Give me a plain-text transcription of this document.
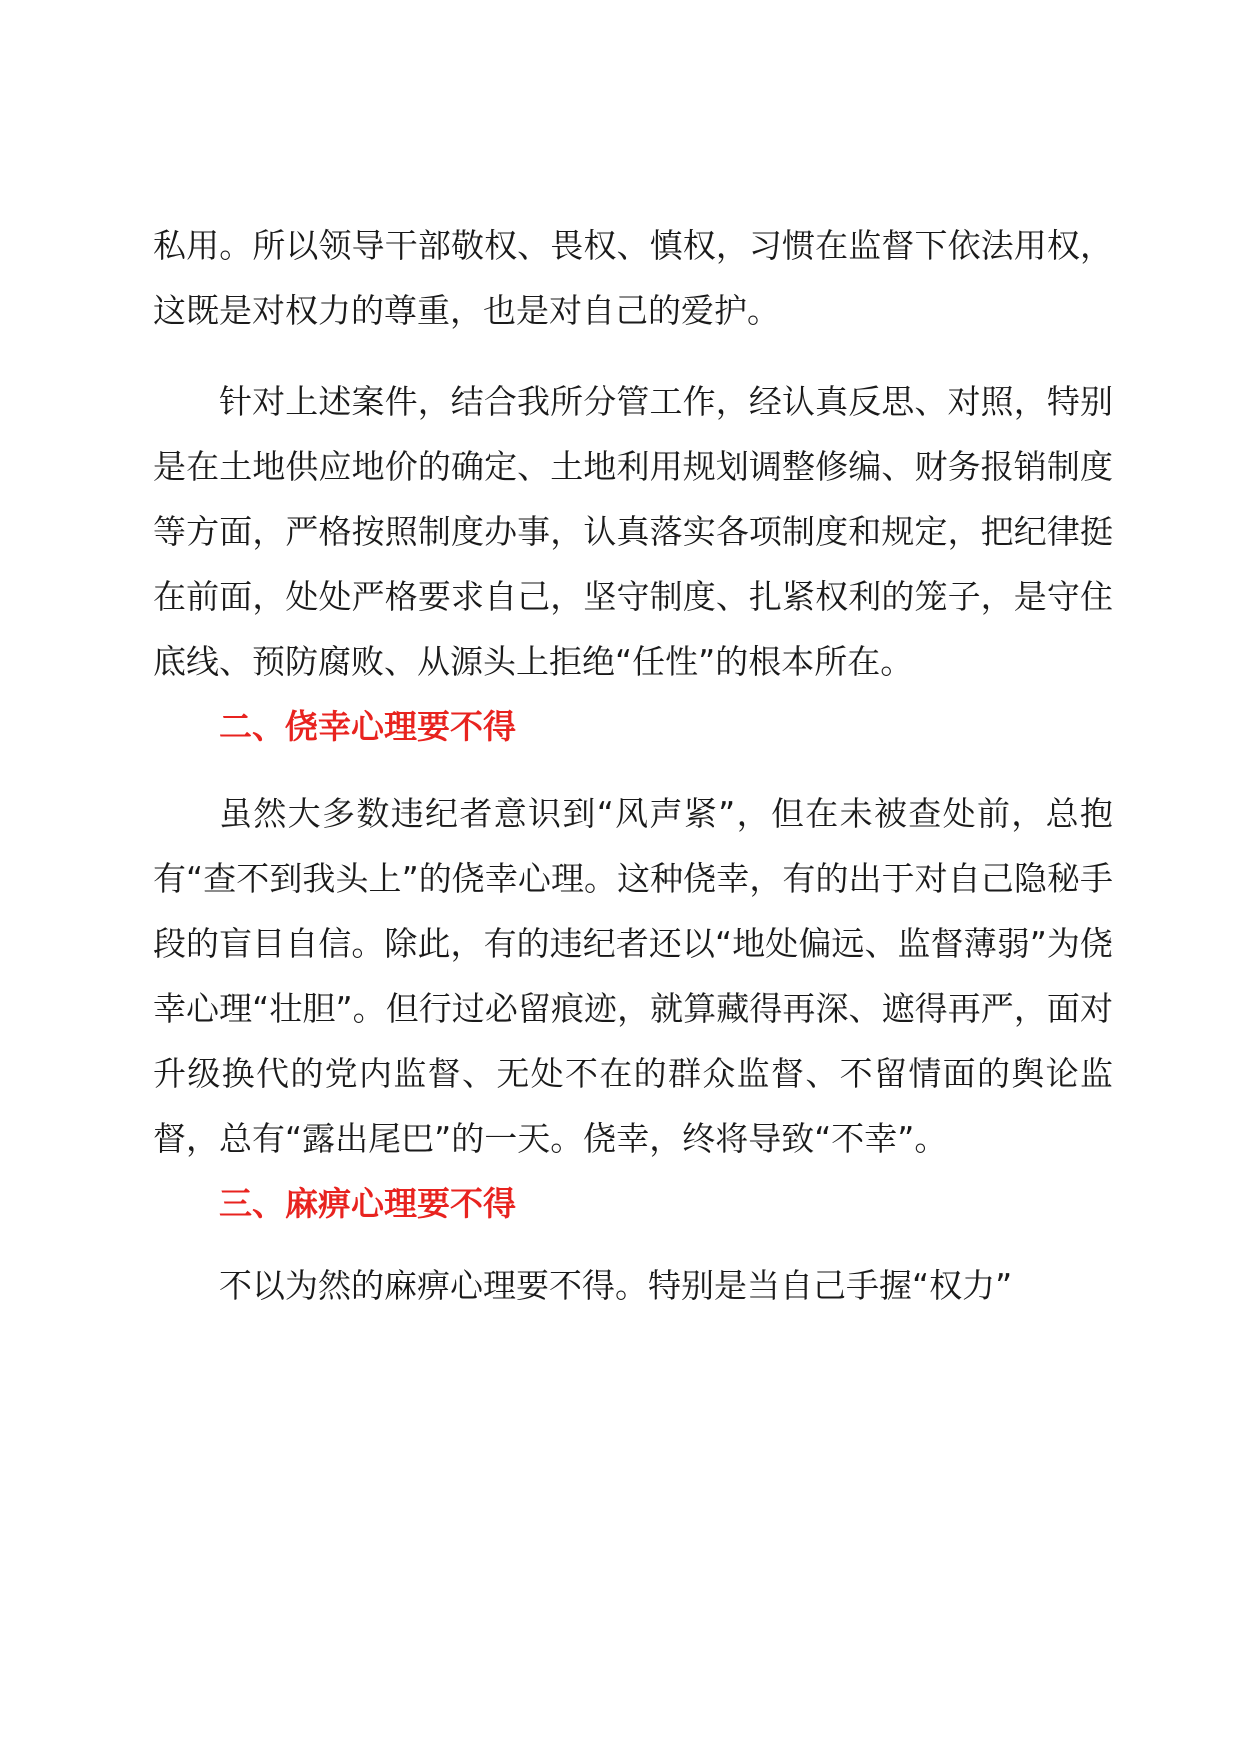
私用。所以领导干部敬权、畏权、慎权，习惯在监督下依法用权，这既是对权力的尊重，也是对自己的爱护。

针对上述案件，结合我所分管工作，经认真反思、对照，特别是在土地供应地价的确定、土地利用规划调整修编、财务报销制度等方面，严格按照制度办事，认真落实各项制度和规定，把纪律挺在前面，处处严格要求自己，坚守制度、扎紧权利的笼子，是守住底线、预防腐败、从源头上拒绝“任性”的根本所在。

二、侥幸心理要不得

虽然大多数违纪者意识到“风声紧”，但在未被查处前，总抱有“查不到我头上”的侥幸心理。这种侥幸，有的出于对自己隐秘手段的盲目自信。除此，有的违纪者还以“地处偏远、监督薄弱”为侥幸心理“壮胆”。但行过必留痕迹，就算藏得再深、遮得再严，面对升级换代的党内监督、无处不在的群众监督、不留情面的舆论监督，总有“露出尾巴”的一天。侥幸，终将导致“不幸”。

三、麻痹心理要不得

不以为然的麻痹心理要不得。特别是当自己手握“权力”
